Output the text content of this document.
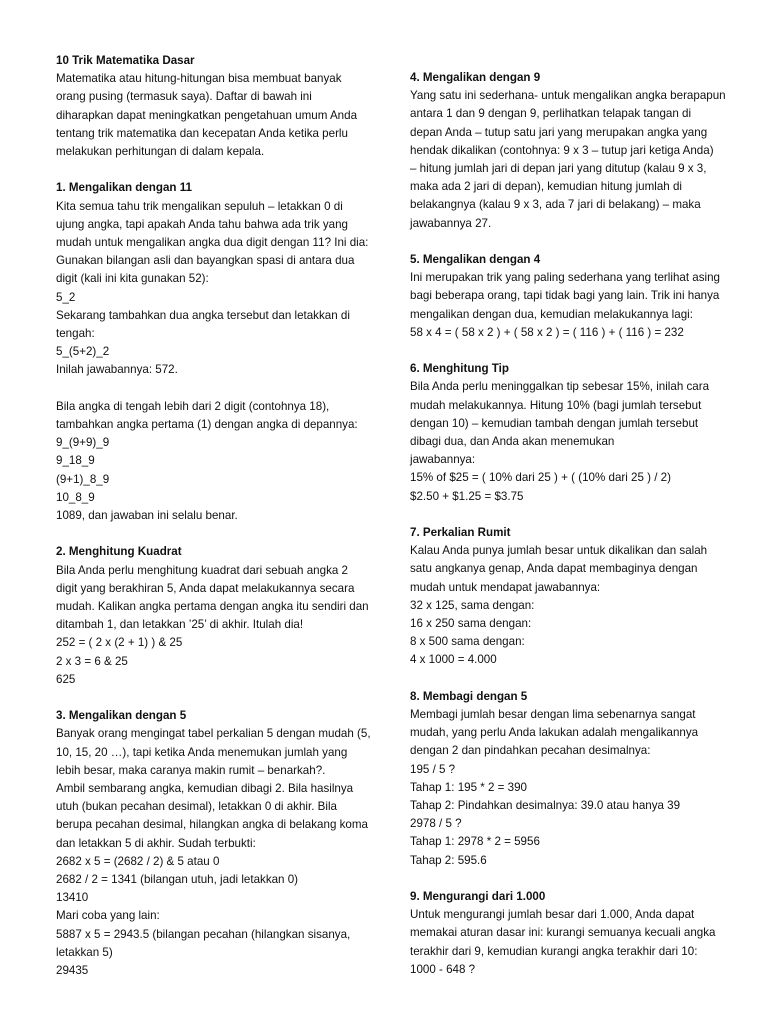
10 Trik Matematika Dasar
Matematika atau hitung-hitungan bisa membuat banyak
orang pusing (termasuk saya). Daftar di bawah ini
diharapkan dapat meningkatkan pengetahuan umum Anda
tentang trik matematika dan kecepatan Anda ketika perlu
melakukan perhitungan di dalam kepala.
1. Mengalikan dengan 11
Kita semua tahu trik mengalikan sepuluh – letakkan 0 di
ujung angka, tapi apakah Anda tahu bahwa ada trik yang
mudah untuk mengalikan angka dua digit dengan 11? Ini dia:
Gunakan bilangan asli dan bayangkan spasi di antara dua
digit (kali ini kita gunakan 52):
5_2
Sekarang tambahkan dua angka tersebut dan letakkan di
tengah:
5_(5+2)_2
Inilah jawabannya: 572.
Bila angka di tengah lebih dari 2 digit (contohnya 18),
tambahkan angka pertama (1) dengan angka di depannya:
9_(9+9)_9
9_18_9
(9+1)_8_9
10_8_9
1089, dan jawaban ini selalu benar.
2. Menghitung Kuadrat
Bila Anda perlu menghitung kuadrat dari sebuah angka 2
digit yang berakhiran 5, Anda dapat melakukannya secara
mudah. Kalikan angka pertama dengan angka itu sendiri dan
ditambah 1, dan letakkan ’25’ di akhir. Itulah dia!
252 = ( 2 x (2 + 1) ) & 25
2 x 3 = 6 & 25
625
3. Mengalikan dengan 5
Banyak orang mengingat tabel perkalian 5 dengan mudah (5,
10, 15, 20 …), tapi ketika Anda menemukan jumlah yang
lebih besar, maka caranya makin rumit – benarkah?.
Ambil sembarang angka, kemudian dibagi 2. Bila hasilnya
utuh (bukan pecahan desimal), letakkan 0 di akhir. Bila
berupa pecahan desimal, hilangkan angka di belakang koma
dan letakkan 5 di akhir. Sudah terbukti:
2682 x 5 = (2682 / 2) & 5 atau 0
2682 / 2 = 1341 (bilangan utuh, jadi letakkan 0)
13410
Mari coba yang lain:
5887 x 5 = 2943.5 (bilangan pecahan (hilangkan sisanya,
letakkan 5)
29435
4. Mengalikan dengan 9
Yang satu ini sederhana- untuk mengalikan angka berapapun
antara 1 dan 9 dengan 9, perlihatkan telapak tangan di
depan Anda – tutup satu jari yang merupakan angka yang
hendak dikalikan (contohnya: 9 x 3 – tutup jari ketiga Anda)
– hitung jumlah jari di depan jari yang ditutup (kalau 9 x 3,
maka ada 2 jari di depan), kemudian hitung jumlah di
belakangnya (kalau 9 x 3, ada 7 jari di belakang) – maka
jawabannya 27.
5. Mengalikan dengan 4
Ini merupakan trik yang paling sederhana yang terlihat asing
bagi beberapa orang, tapi tidak bagi yang lain. Trik ini hanya
mengalikan dengan dua, kemudian melakukannya lagi:
58 x 4 = ( 58 x 2 ) + ( 58 x 2 ) = ( 116 ) + ( 116 ) = 232
6. Menghitung Tip
Bila Anda perlu meninggalkan tip sebesar 15%, inilah cara
mudah melakukannya. Hitung 10% (bagi jumlah tersebut
dengan 10) – kemudian tambah dengan jumlah tersebut
dibagi dua, dan Anda akan menemukan
jawabannya:
15% of $25 = ( 10% dari 25 ) + ( (10% dari 25 ) / 2)
$2.50 + $1.25 = $3.75
7. Perkalian Rumit
Kalau Anda punya jumlah besar untuk dikalikan dan salah
satu angkanya genap, Anda dapat membaginya dengan
mudah untuk mendapat jawabannya:
32 x 125, sama dengan:
16 x 250 sama dengan:
8 x 500 sama dengan:
4 x 1000 = 4.000
8. Membagi dengan 5
Membagi jumlah besar dengan lima sebenarnya sangat
mudah, yang perlu Anda lakukan adalah mengalikannya
dengan 2 dan pindahkan pecahan desimalnya:
195 / 5 ?
Tahap 1: 195 * 2 = 390
Tahap 2: Pindahkan desimalnya: 39.0 atau hanya 39
2978 / 5 ?
Tahap 1: 2978 * 2 = 5956
Tahap 2: 595.6
9. Mengurangi dari 1.000
Untuk mengurangi jumlah besar dari 1.000, Anda dapat
memakai aturan dasar ini: kurangi semuanya kecuali angka
terakhir dari 9, kemudian kurangi angka terakhir dari 10:
1000 - 648 ?
